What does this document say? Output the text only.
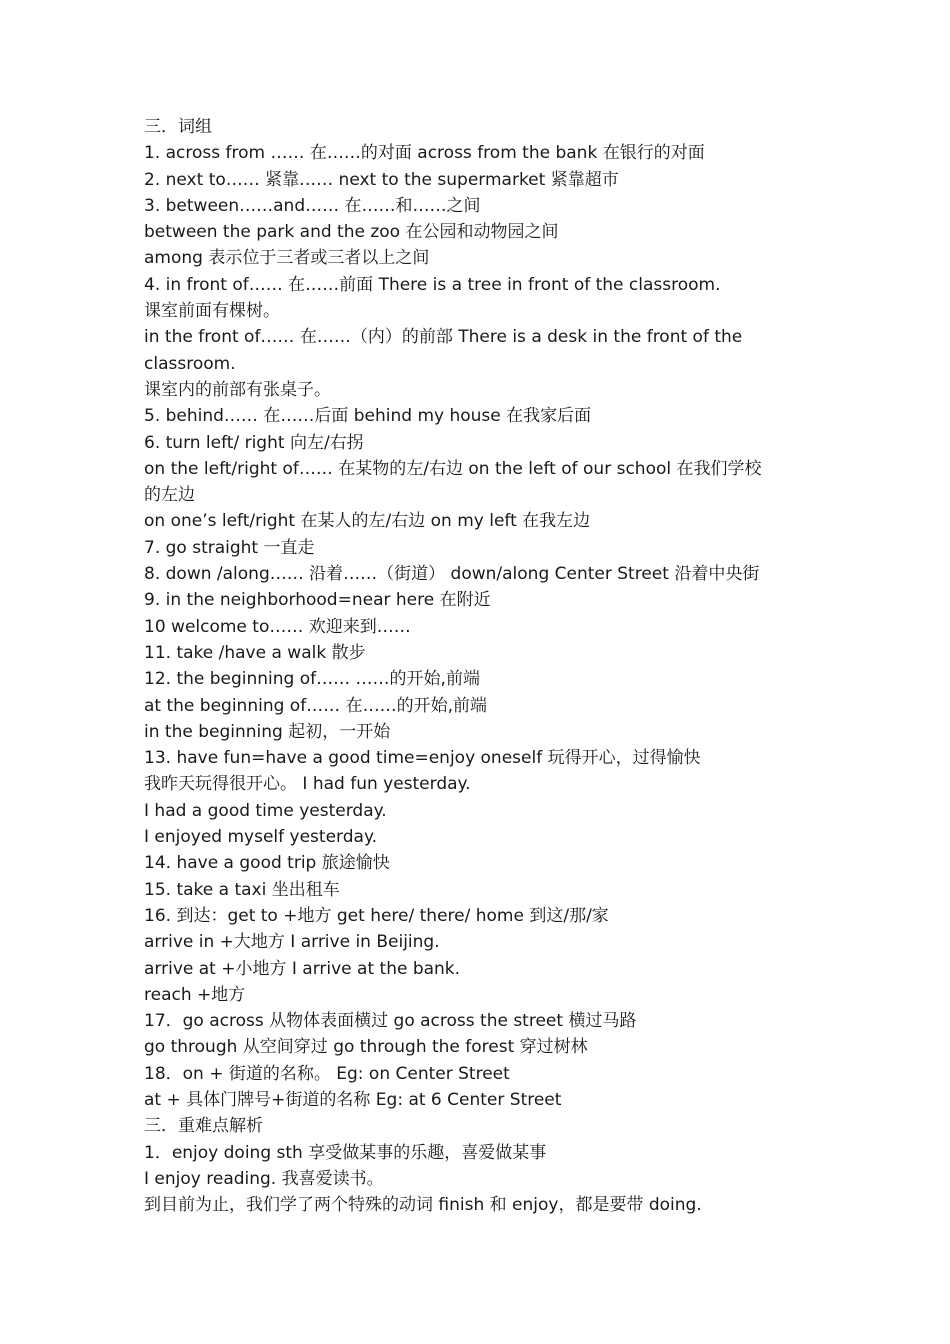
三．词组
1. across from …… 在……的对面 across from the bank 在银行的对面
2. next to…… 紧靠…… next to the supermarket 紧靠超市
3. between……and…… 在……和……之间
between the park and the zoo 在公园和动物园之间
among 表示位于三者或三者以上之间
4. in front of…… 在……前面 There is a tree in front of the classroom.
课室前面有棵树。
in the front of…… 在……（内）的前部 There is a desk in the front of the
classroom.
课室内的前部有张桌子。
5. behind…… 在……后面 behind my house 在我家后面
6. turn left/ right 向左/右拐
on the left/right of…… 在某物的左/右边 on the left of our school 在我们学校
的左边
on one’s left/right 在某人的左/右边 on my left 在我左边
7. go straight 一直走
8. down /along…… 沿着……（街道） down/along Center Street 沿着中央街
9. in the neighborhood=near here 在附近
10 welcome to…… 欢迎来到……
11. take /have a walk 散步
12. the beginning of…… ……的开始,前端
at the beginning of…… 在……的开始,前端
in the beginning 起初，一开始
13. have fun=have a good time=enjoy oneself 玩得开心，过得愉快
我昨天玩得很开心。 I had fun yesterday.
I had a good time yesterday.
I enjoyed myself yesterday.
14. have a good trip 旅途愉快
15. take a taxi 坐出租车
16. 到达：get to +地方 get here/ there/ home 到这/那/家
arrive in +大地方 I arrive in Beijing.
arrive at +小地方 I arrive at the bank.
reach +地方
17．go across 从物体表面横过 go across the street 横过马路
go through 从空间穿过 go through the forest 穿过树林
18．on + 街道的名称。 Eg: on Center Street
at + 具体门牌号+街道的名称 Eg: at 6 Center Street
三．重难点解析
1．enjoy doing sth 享受做某事的乐趣，喜爱做某事
I enjoy reading. 我喜爱读书。
到目前为止，我们学了两个特殊的动词 finish 和 enjoy，都是要带 doing.
